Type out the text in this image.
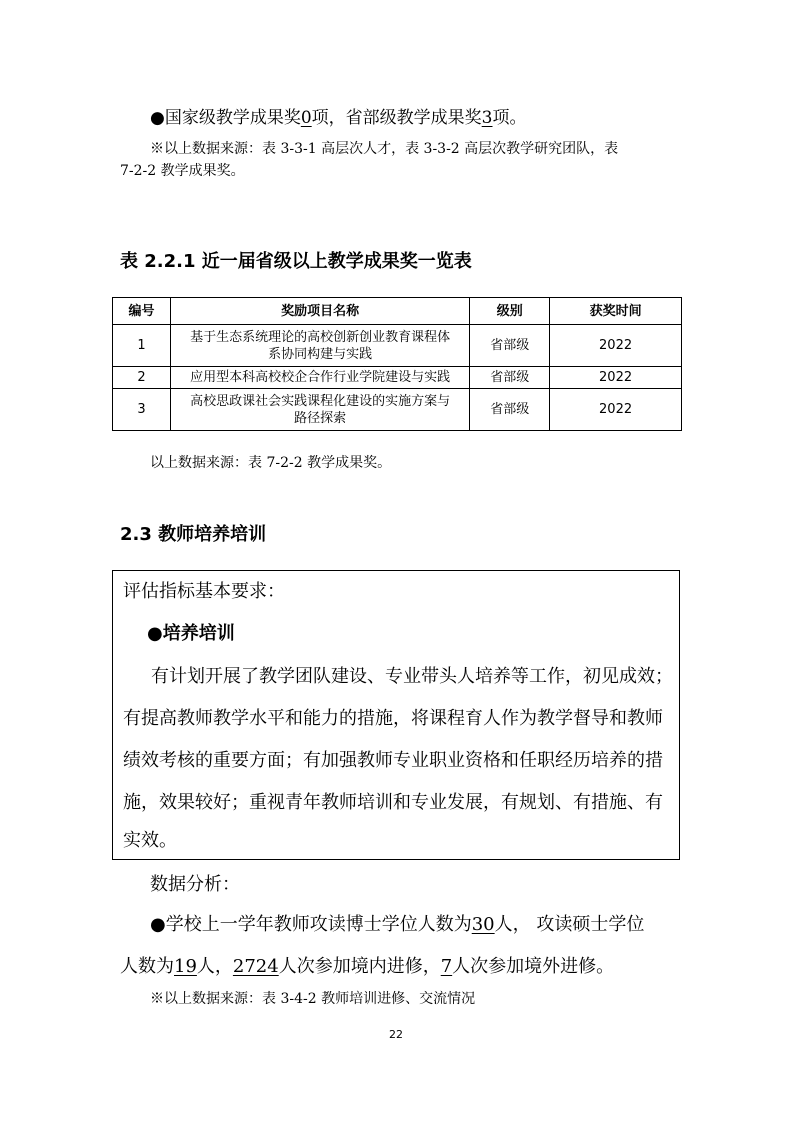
●国家级教学成果奖0项，省部级教学成果奖3项。
※以上数据来源：表 3-3-1 高层次人才，表 3-3-2 高层次教学研究团队，表
7-2-2 教学成果奖。
表 2.2.1 近一届省级以上教学成果奖一览表
编号	奖励项目名称	级别	获奖时间
1	基于生态系统理论的高校创新创业教育课程体
系协同构建与实践	省部级	2022
2	应用型本科高校校企合作行业学院建设与实践	省部级	2022
3	高校思政课社会实践课程化建设的实施方案与
路径探索	省部级	2022
以上数据来源：表 7-2-2 教学成果奖。
2.3 教师培养培训
评估指标基本要求：
●培养培训
有计划开展了教学团队建设、专业带头人培养等工作，初见成效；
有提高教师教学水平和能力的措施，将课程育人作为教学督导和教师
绩效考核的重要方面；有加强教师专业职业资格和任职经历培养的措
施，效果较好；重视青年教师培训和专业发展，有规划、有措施、有
实效。
数据分析：
●学校上一学年教师攻读博士学位人数为30人， 攻读硕士学位
人数为19人，2724人次参加境内进修，7人次参加境外进修。
※以上数据来源：表 3-4-2 教师培训进修、交流情况
22
